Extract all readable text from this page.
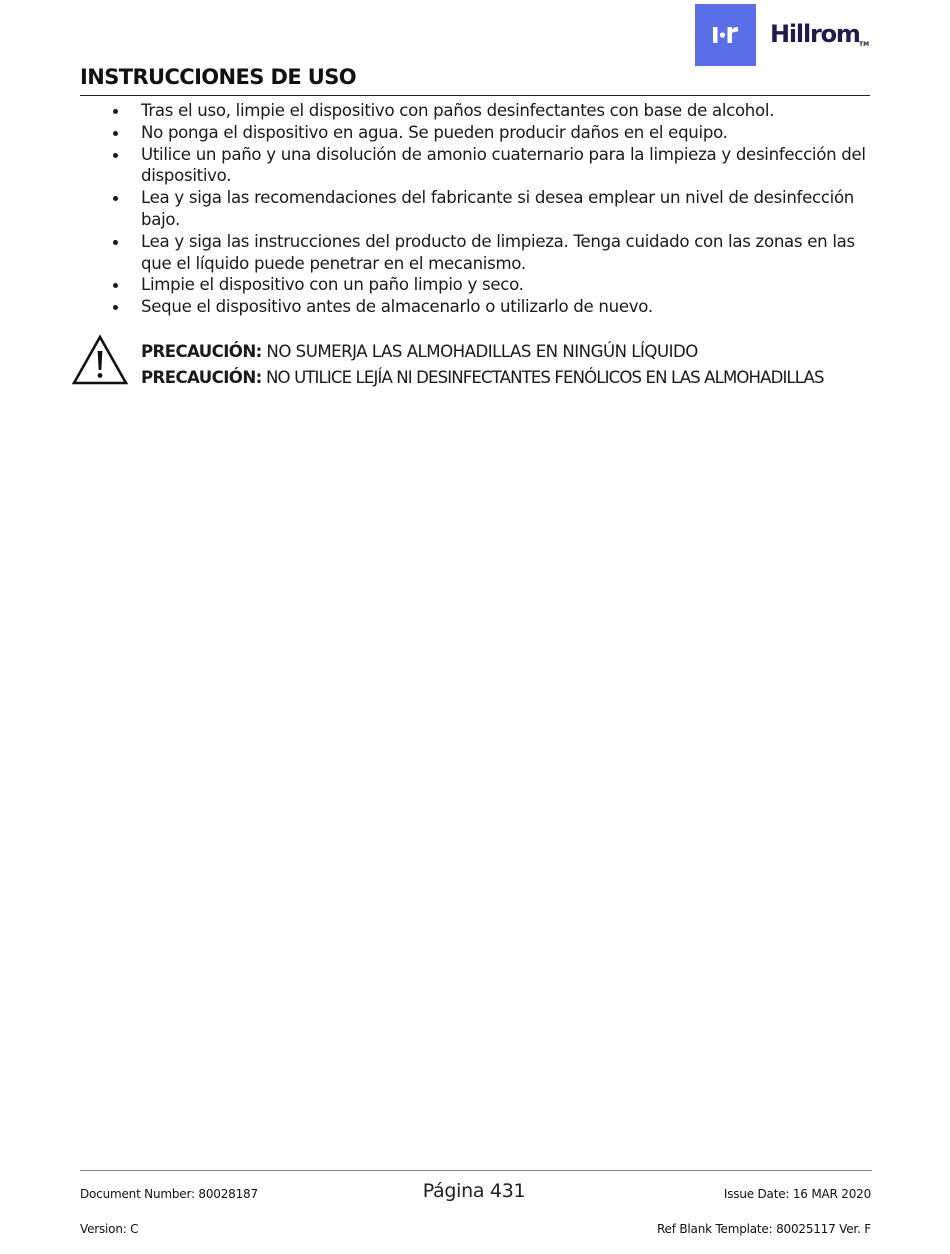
Hillrom TM
INSTRUCCIONES DE USO
Tras el uso, limpie el dispositivo con paños desinfectantes con base de alcohol.
No ponga el dispositivo en agua. Se pueden producir daños en el equipo.
Utilice un paño y una disolución de amonio cuaternario para la limpieza y desinfección del dispositivo.
Lea y siga las recomendaciones del fabricante si desea emplear un nivel de desinfección bajo.
Lea y siga las instrucciones del producto de limpieza. Tenga cuidado con las zonas en las que el líquido puede penetrar en el mecanismo.
Limpie el dispositivo con un paño limpio y seco.
Seque el dispositivo antes de almacenarlo o utilizarlo de nuevo.
PRECAUCIÓN: NO SUMERJA LAS ALMOHADILLAS EN NINGÚN LÍQUIDO
PRECAUCIÓN: NO UTILICE LEJÍA NI DESINFECTANTES FENÓLICOS EN LAS ALMOHADILLAS
Document Number: 80028187	Página 431	Issue Date: 16 MAR 2020
Version: C	Ref Blank Template: 80025117 Ver. F
